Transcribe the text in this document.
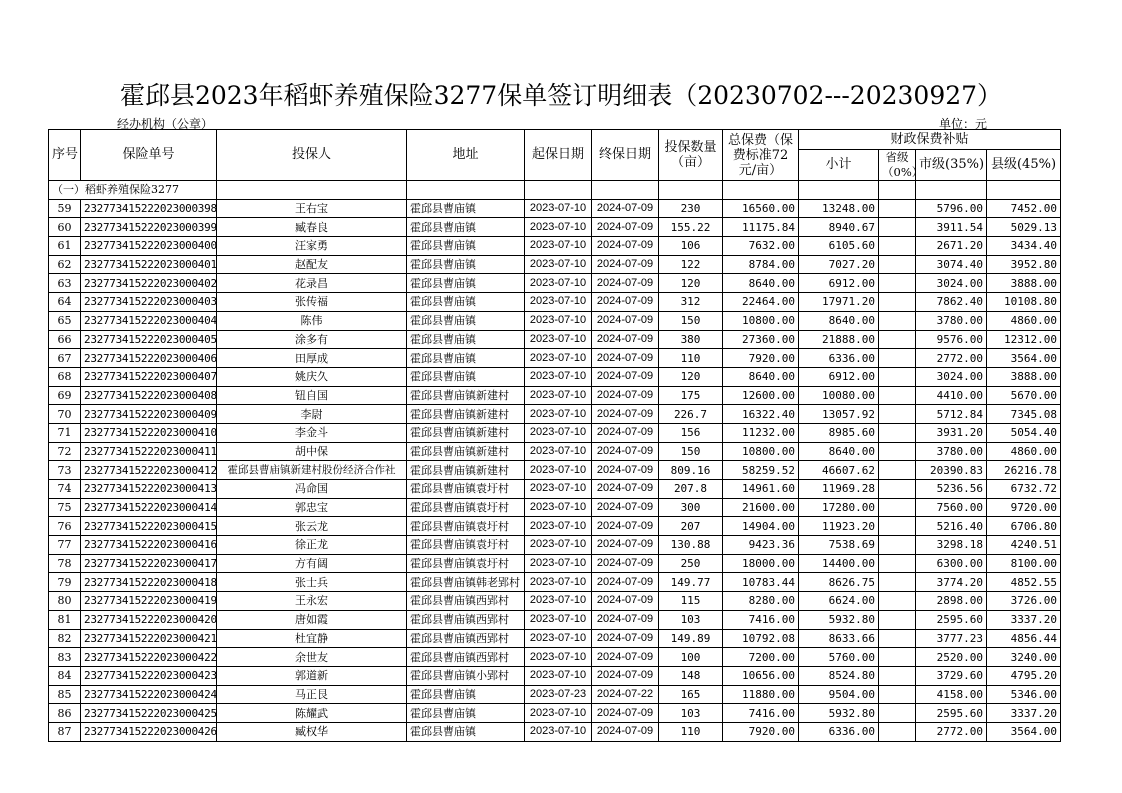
霍邱县2023年稻虾养殖保险3277保单签订明细表（20230702---20230927）
经办机构（公章）	单位：元
序号	保险单号	投保人	地址	起保日期	终保日期	投保数量（亩）	总保费（保费标准72元/亩）	财政保费补贴			
								小计	省级（0%）	市级(35%)	县级(45%)
（一）稻虾养殖保险3277											
59	232773415222023000398	王右宝	霍邱县曹庙镇	2023-07-10	2024-07-09	230	16560.00	13248.00		5796.00	7452.00
60	232773415222023000399	臧春良	霍邱县曹庙镇	2023-07-10	2024-07-09	155.22	11175.84	8940.67		3911.54	5029.13
61	232773415222023000400	汪家勇	霍邱县曹庙镇	2023-07-10	2024-07-09	106	7632.00	6105.60		2671.20	3434.40
62	232773415222023000401	赵配友	霍邱县曹庙镇	2023-07-10	2024-07-09	122	8784.00	7027.20		3074.40	3952.80
63	232773415222023000402	花录昌	霍邱县曹庙镇	2023-07-10	2024-07-09	120	8640.00	6912.00		3024.00	3888.00
64	232773415222023000403	张传福	霍邱县曹庙镇	2023-07-10	2024-07-09	312	22464.00	17971.20		7862.40	10108.80
65	232773415222023000404	陈伟	霍邱县曹庙镇	2023-07-10	2024-07-09	150	10800.00	8640.00		3780.00	4860.00
66	232773415222023000405	涂多有	霍邱县曹庙镇	2023-07-10	2024-07-09	380	27360.00	21888.00		9576.00	12312.00
67	232773415222023000406	田厚成	霍邱县曹庙镇	2023-07-10	2024-07-09	110	7920.00	6336.00		2772.00	3564.00
68	232773415222023000407	姚庆久	霍邱县曹庙镇	2023-07-10	2024-07-09	120	8640.00	6912.00		3024.00	3888.00
69	232773415222023000408	钮自国	霍邱县曹庙镇新建村	2023-07-10	2024-07-09	175	12600.00	10080.00		4410.00	5670.00
70	232773415222023000409	李尉	霍邱县曹庙镇新建村	2023-07-10	2024-07-09	226.7	16322.40	13057.92		5712.84	7345.08
71	232773415222023000410	李金斗	霍邱县曹庙镇新建村	2023-07-10	2024-07-09	156	11232.00	8985.60		3931.20	5054.40
72	232773415222023000411	胡中保	霍邱县曹庙镇新建村	2023-07-10	2024-07-09	150	10800.00	8640.00		3780.00	4860.00
73	232773415222023000412	霍邱县曹庙镇新建村股份经济合作社	霍邱县曹庙镇新建村	2023-07-10	2024-07-09	809.16	58259.52	46607.62		20390.83	26216.78
74	232773415222023000413	冯命国	霍邱县曹庙镇袁圩村	2023-07-10	2024-07-09	207.8	14961.60	11969.28		5236.56	6732.72
75	232773415222023000414	郭忠宝	霍邱县曹庙镇袁圩村	2023-07-10	2024-07-09	300	21600.00	17280.00		7560.00	9720.00
76	232773415222023000415	张云龙	霍邱县曹庙镇袁圩村	2023-07-10	2024-07-09	207	14904.00	11923.20		5216.40	6706.80
77	232773415222023000416	徐正龙	霍邱县曹庙镇袁圩村	2023-07-10	2024-07-09	130.88	9423.36	7538.69		3298.18	4240.51
78	232773415222023000417	方有阔	霍邱县曹庙镇袁圩村	2023-07-10	2024-07-09	250	18000.00	14400.00		6300.00	8100.00
79	232773415222023000418	张士兵	霍邱县曹庙镇韩老郢村	2023-07-10	2024-07-09	149.77	10783.44	8626.75		3774.20	4852.55
80	232773415222023000419	王永宏	霍邱县曹庙镇西郢村	2023-07-10	2024-07-09	115	8280.00	6624.00		2898.00	3726.00
81	232773415222023000420	唐如霞	霍邱县曹庙镇西郢村	2023-07-10	2024-07-09	103	7416.00	5932.80		2595.60	3337.20
82	232773415222023000421	杜宜静	霍邱县曹庙镇西郢村	2023-07-10	2024-07-09	149.89	10792.08	8633.66		3777.23	4856.44
83	232773415222023000422	余世友	霍邱县曹庙镇西郢村	2023-07-10	2024-07-09	100	7200.00	5760.00		2520.00	3240.00
84	232773415222023000423	郭道新	霍邱县曹庙镇小郢村	2023-07-10	2024-07-09	148	10656.00	8524.80		3729.60	4795.20
85	232773415222023000424	马正艮	霍邱县曹庙镇	2023-07-23	2024-07-22	165	11880.00	9504.00		4158.00	5346.00
86	232773415222023000425	陈耀武	霍邱县曹庙镇	2023-07-10	2024-07-09	103	7416.00	5932.80		2595.60	3337.20
87	232773415222023000426	臧权华	霍邱县曹庙镇	2023-07-10	2024-07-09	110	7920.00	6336.00		2772.00	3564.00
